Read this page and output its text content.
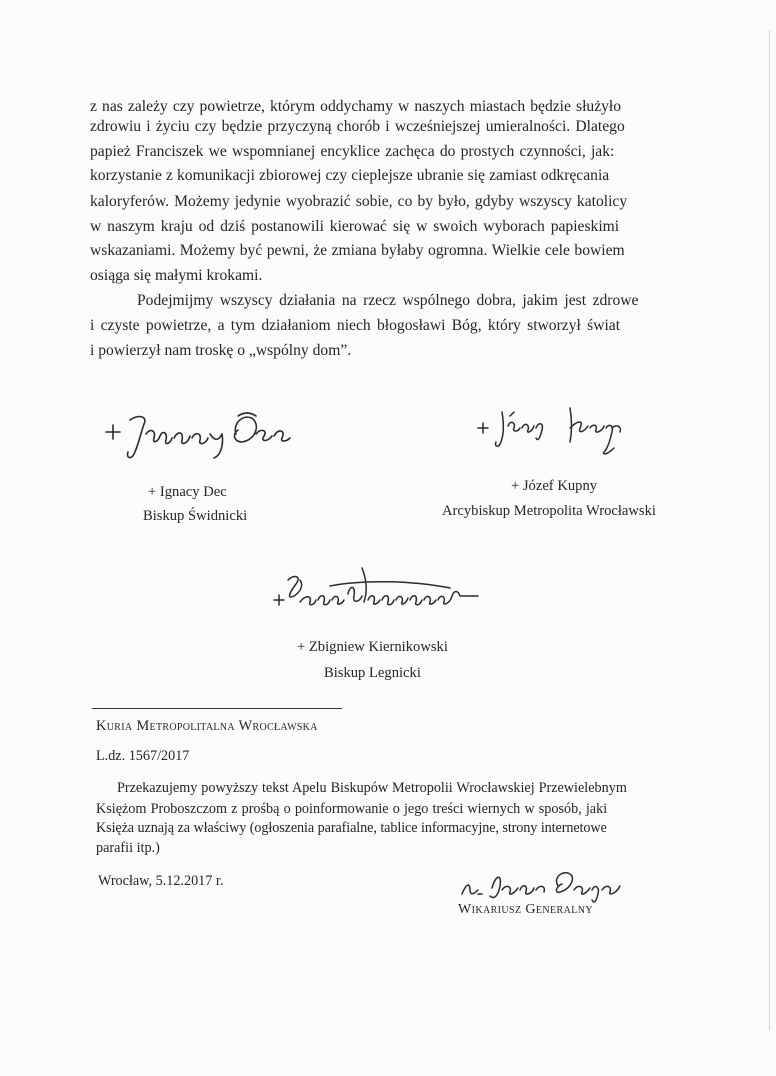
z nas zależy czy powietrze, którym oddychamy w naszych miastach będzie służyło
zdrowiu i życiu czy będzie przyczyną chorób i wcześniejszej umieralności. Dlatego
papież Franciszek we wspomnianej encyklice zachęca do prostych czynności, jak:
korzystanie z komunikacji zbiorowej czy cieplejsze ubranie się zamiast odkręcania
kaloryferów. Możemy jedynie wyobrazić sobie, co by było, gdyby wszyscy katolicy
w naszym kraju od dziś postanowili kierować się w swoich wyborach papieskimi
wskazaniami. Możemy być pewni, że zmiana byłaby ogromna. Wielkie cele bowiem
osiąga się małymi krokami.
Podejmijmy wszyscy działania na rzecz wspólnego dobra, jakim jest zdrowe
i czyste powietrze, a tym działaniom niech błogosławi Bóg, który stworzył świat
i powierzył nam troskę o „wspólny dom”.
+ Ignacy Dec
Biskup Świdnicki
+ Józef Kupny
Arcybiskup Metropolita Wrocławski
+ Zbigniew Kiernikowski
Biskup Legnicki
Kuria Metropolitalna Wrocławska
L.dz. 1567/2017
Przekazujemy powyższy tekst Apelu Biskupów Metropolii Wrocławskiej Przewielebnym
Księżom Proboszczom z prośbą o poinformowanie o jego treści wiernych w sposób, jaki
Księża uznają za właściwy (ogłoszenia parafialne, tablice informacyjne, strony internetowe
parafii itp.)
Wrocław, 5.12.2017 r.
Wikariusz Generalny
